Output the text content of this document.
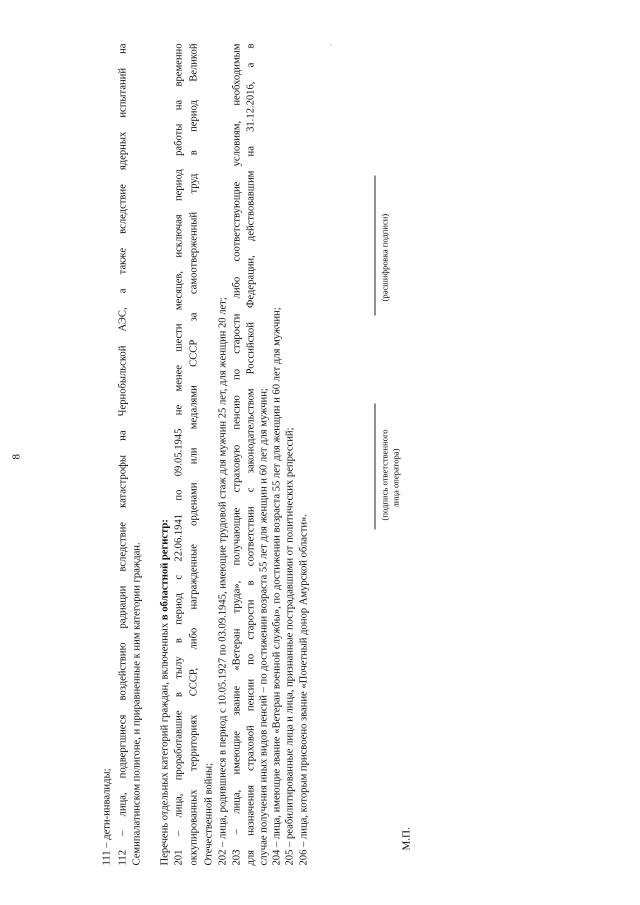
8
111 – дети-инвалиды; 112 – лица, подвергшиеся воздействию радиации вследствие катастрофы на Чернобыльской АЭС, а также вследствие ядерных испытаний на Семипалатинском полигоне, и приравненные к ним категории граждан. Перечень отдельных категорий граждан, включенных в областной регистр: 201 – лица, проработавшие в тылу в период с 22.06.1941 по 09.05.1945 не менее шести месяцев, исключая период работы на временно оккупированных территориях СССР, либо награжденные орденами или медалями СССР за самоотверженный труд в период Великой Отечественной войны; 202 – лица, родившиеся в период с 10.05.1927 по 03.09.1945, имеющие трудовой стаж для мужчин 25 лет, для женщин 20 лет; 203 – лица, имеющие звание «Ветеран труда», получающие страховую пенсию по старости либо соответствующие условиям, необходимым для назначения страховой пенсии по старости в соответствии с законодательством Российской Федерации, действовавшим на 31.12.2016, а в случае получения иных видов пенсий – по достижении возраста 55 лет для женщин и 60 лет для мужчин; 204 – лица, имеющие звание «Ветеран военной службы», по достижении возраста 55 лет для женщин и 60 лет для мужчин; 205 – реабилитированные лица и лица, признанные пострадавшими от политических репрессий; 206 – лица, которым присвоено звание «Почетный донор Амурской области».
(подпись ответственного лица оператора)
(расшифровка подписи)
М.П.
